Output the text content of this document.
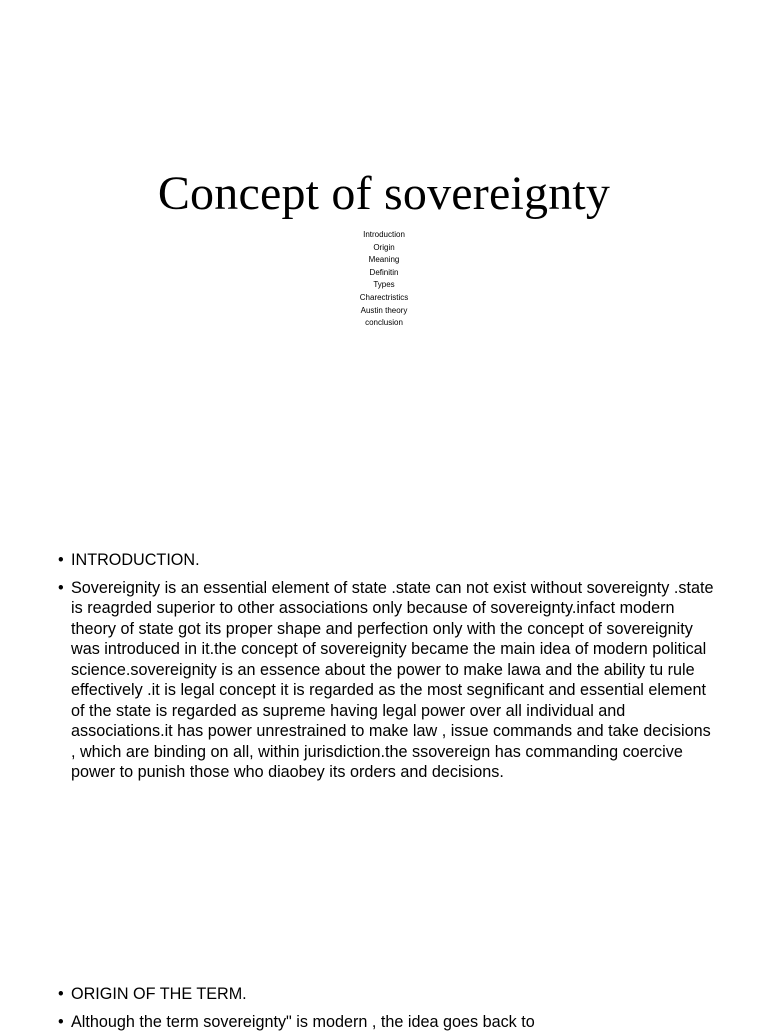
Concept of sovereignty
Introduction
Origin
Meaning
Definitin
Types
Charectristics
Austin theory
conclusion
• INTRODUCTION.
• Sovereignity is an essential element of state .state can not exist without sovereignty .state is reagrded superior to other associations only because of sovereignty.infact modern theory of state got its proper shape and perfection only with the concept of sovereignity was introduced in it.the concept of sovereignity became the main idea of modern political science.sovereignity is an essence about the power to make lawa and the ability tu rule effectively .it is legal concept it is regarded as the most segnificant and essential element of the state is regarded as supreme having legal power over all individual and associations.it has power unrestrained to make law , issue commands and take decisions , which are binding on all, within jurisdiction.the ssovereign has commanding coercive power to punish those who diaobey its orders and decisions.
• ORIGIN OF THE TERM.
• Although the term sovereignty" is modern , the idea goes back to
